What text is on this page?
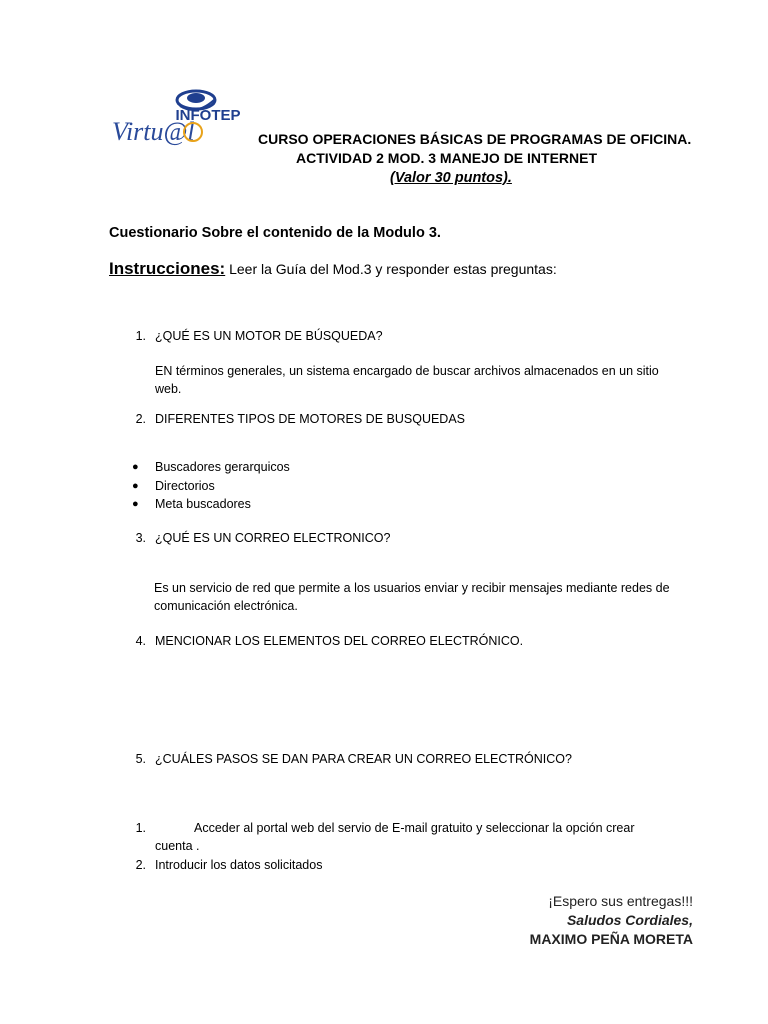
INFOTEP
Virtu@l	CURSO OPERACIONES BÁSICAS DE PROGRAMAS DE OFICINA.
ACTIVIDAD 2 MOD. 3 MANEJO DE INTERNET
(Valor 30 puntos).
Cuestionario Sobre el contenido de la Modulo 3.
Instrucciones: Leer la Guía del Mod.3 y responder estas preguntas:
1. ¿QUÉ ES UN MOTOR DE BÚSQUEDA?
EN términos generales, un sistema encargado de buscar archivos almacenados en un sitio
web.
2. DIFERENTES TIPOS DE MOTORES DE BUSQUEDAS
● Buscadores gerarquicos
● Directorios
● Meta buscadores
3. ¿QUÉ ES UN CORREO ELECTRONICO?
Es un servicio de red que permite a los usuarios enviar y recibir mensajes mediante redes de
comunicación electrónica.
4. MENCIONAR LOS ELEMENTOS DEL CORREO ELECTRÓNICO.
5. ¿CUÁLES PASOS SE DAN PARA CREAR UN CORREO ELECTRÓNICO?
1.	Acceder al portal web del servio de E-mail gratuito y seleccionar la opción crear
cuenta .
2. Introducir los datos solicitados
¡Espero sus entregas!!!
Saludos Cordiales,
MAXIMO PEÑA MORETA
